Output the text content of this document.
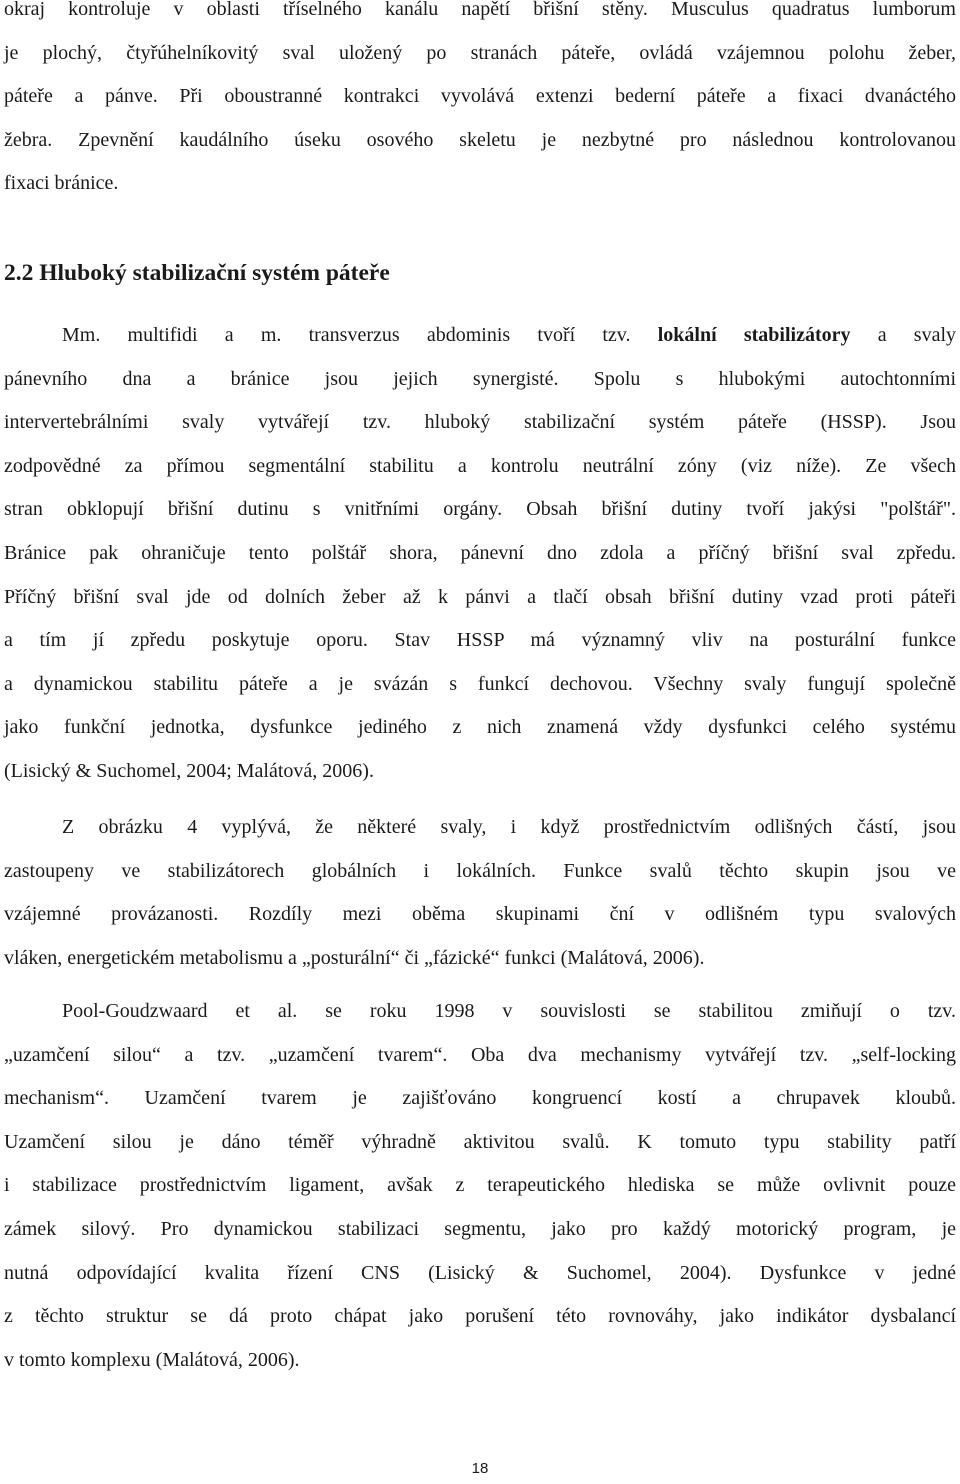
okraj kontroluje v oblasti tříselného kanálu napětí břišní stěny. Musculus quadratus lumborum
je plochý, čtyřúhelníkovitý sval uložený po stranách páteře, ovládá vzájemnou polohu žeber,
páteře a pánve. Při oboustranné kontrakci vyvolává extenzi bederní páteře a fixaci dvanáctého
žebra. Zpevnění kaudálního úseku osového skeletu je nezbytné pro následnou kontrolovanou
fixaci bránice.
2.2 Hluboký stabilizační systém páteře
Mm. multifidi a m. transverzus abdominis tvoří tzv. lokální stabilizátory a svaly
pánevního dna a bránice jsou jejich synergisté. Spolu s hlubokými autochtonními
intervertebrálními svaly vytvářejí tzv. hluboký stabilizační systém páteře (HSSP). Jsou
zodpovědné za přímou segmentální stabilitu a kontrolu neutrální zóny (viz níže). Ze všech
stran obklopují břišní dutinu s vnitřními orgány. Obsah břišní dutiny tvoří jakýsi "polštář".
Bránice pak ohraničuje tento polštář shora, pánevní dno zdola a příčný břišní sval zpředu.
Příčný břišní sval jde od dolních žeber až k pánvi a tlačí obsah břišní dutiny vzad proti páteři
a tím jí zpředu poskytuje oporu. Stav HSSP má významný vliv na posturální funkce
a dynamickou stabilitu páteře a je svázán s funkcí dechovou. Všechny svaly fungují společně
jako funkční jednotka, dysfunkce jediného z nich znamená vždy dysfunkci celého systému
(Lisický & Suchomel, 2004; Malátová, 2006).
Z obrázku 4 vyplývá, že některé svaly, i když prostřednictvím odlišných částí, jsou
zastoupeny ve stabilizátorech globálních i lokálních. Funkce svalů těchto skupin jsou ve
vzájemné provázanosti. Rozdíly mezi oběma skupinami ční v odlišném typu svalových
vláken, energetickém metabolismu a „posturální“ či „fázické“ funkci (Malátová, 2006).
Pool-Goudzwaard et al. se roku 1998 v souvislosti se stabilitou zmiňují o tzv.
„uzamčení silou“ a tzv. „uzamčení tvarem“. Oba dva mechanismy vytvářejí tzv. „self-locking
mechanism“. Uzamčení tvarem je zajišťováno kongruencí kostí a chrupavek kloubů.
Uzamčení silou je dáno téměř výhradně aktivitou svalů. K tomuto typu stability patří
i stabilizace prostřednictvím ligament, avšak z terapeutického hlediska se může ovlivnit pouze
zámek silový. Pro dynamickou stabilizaci segmentu, jako pro každý motorický program, je
nutná odpovídající kvalita řízení CNS (Lisický & Suchomel, 2004). Dysfunkce v jedné
z těchto struktur se dá proto chápat jako porušení této rovnováhy, jako indikátor dysbalancí
v tomto komplexu (Malátová, 2006).
18
